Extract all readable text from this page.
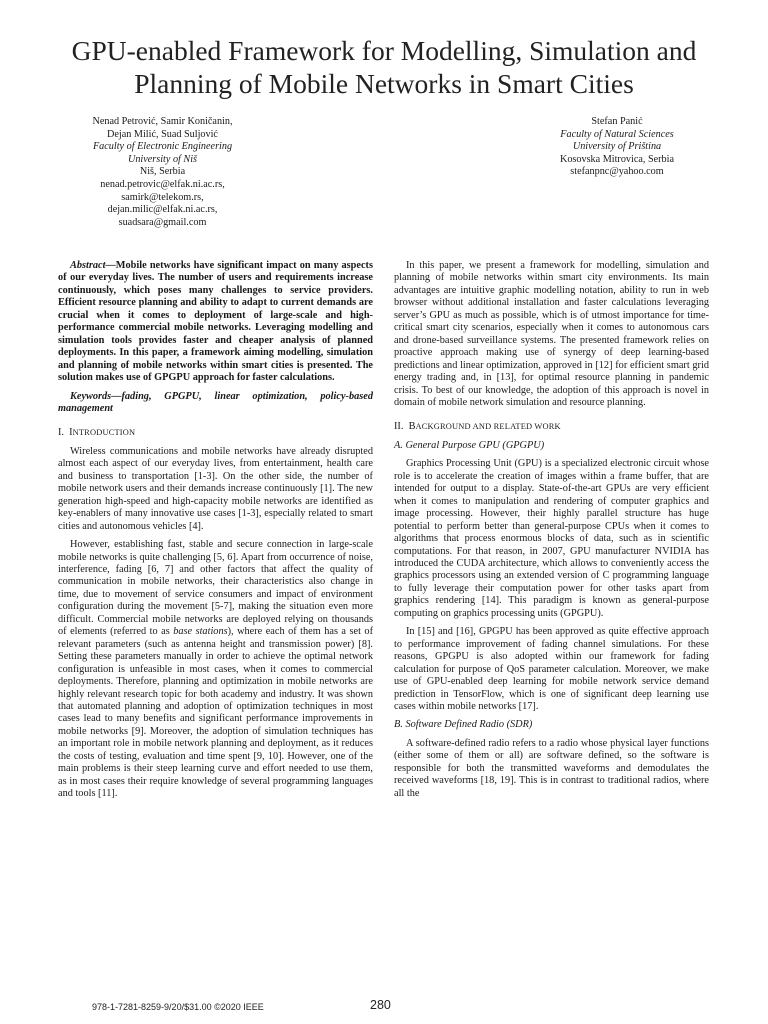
GPU-enabled Framework for Modelling, Simulation and Planning of Mobile Networks in Smart Cities
Nenad Petrović, Samir Koničanin,
Dejan Milić, Suad Suljović
Faculty of Electronic Engineering
University of Niš
Niš, Serbia
nenad.petrovic@elfak.ni.ac.rs,
samirk@telekom.rs,
dejan.milic@elfak.ni.ac.rs,
suadsara@gmail.com
Stefan Panić
Faculty of Natural Sciences
University of Priština
Kosovska Mitrovica, Serbia
stefanpnc@yahoo.com

Abstract—Mobile networks have significant impact on many aspects of our everyday lives. The number of users and requirements increase continuously, which poses many challenges to service providers. Efficient resource planning and ability to adapt to current demands are crucial when it comes to deployment of large-scale and high-performance commercial mobile networks. Leveraging modelling and simulation tools provides faster and cheaper analysis of planned deployments. In this paper, a framework aiming modelling, simulation and planning of mobile networks within smart cities is presented. The solution makes use of GPGPU approach for faster calculations.

Keywords—fading, GPGPU, linear optimization, policy-based management

I. INTRODUCTION

Wireless communications and mobile networks have already disrupted almost each aspect of our everyday lives, from entertainment, health care and business to transportation [1-3]. On the other side, the number of mobile network users and their demands increase continuously [1]. The new generation high-speed and high-capacity mobile networks are identified as key-enablers of many innovative use cases [1-3], especially related to smart cities and autonomous vehicles [4].

However, establishing fast, stable and secure connection in large-scale mobile networks is quite challenging [5, 6]. Apart from occurrence of noise, interference, fading [6, 7] and other factors that affect the quality of communication in mobile networks, their characteristics also change in time, due to movement of service consumers and impact of environment configuration during the movement [5-7], making the situation even more difficult. Commercial mobile networks are deployed relying on thousands of elements (referred to as base stations), where each of them has a set of relevant parameters (such as antenna height and transmission power) [8]. Setting these parameters manually in order to achieve the optimal network configuration is unfeasible in most cases, when it comes to commercial deployments. Therefore, planning and optimization in mobile networks are highly relevant research topic for both academy and industry. It was shown that automated planning and adoption of optimization techniques in most cases lead to many benefits and significant performance improvements in mobile networks [9]. Moreover, the adoption of simulation techniques has an important role in mobile network planning and deployment, as it reduces the costs of testing, evaluation and time spent [9, 10]. However, one of the main problems is their steep learning curve and effort needed to use them, as in most cases their require knowledge of several programming languages and tools [11].

In this paper, we present a framework for modelling, simulation and planning of mobile networks within smart city environments. Its main advantages are intuitive graphic modelling notation, ability to run in web browser without additional installation and faster calculations leveraging server’s GPU as much as possible, which is of utmost importance for time-critical smart city scenarios, especially when it comes to autonomous cars and drone-based surveillance systems. The presented framework relies on proactive approach making use of synergy of deep learning-based predictions and linear optimization, approved in [12] for efficient smart grid energy trading and, in [13], for optimal resource planning in pandemic crisis. To best of our knowledge, the adoption of this approach is novel in domain of mobile network simulation and resource planning.

II. BACKGROUND AND RELATED WORK

A. General Purpose GPU (GPGPU)

Graphics Processing Unit (GPU) is a specialized electronic circuit whose role is to accelerate the creation of images within a frame buffer, that are intended for output to a display. State-of-the-art GPUs are very efficient when it comes to manipulation and rendering of computer graphics and image processing. However, their highly parallel structure has huge potential to perform better than general-purpose CPUs when it comes to algorithms that process enormous blocks of data, such as in scientific computations. For that reason, in 2007, GPU manufacturer NVIDIA has introduced the CUDA architecture, which allows to conveniently access the graphics processors using an extended version of C programming language to fully leverage their computation power for other tasks apart from graphics rendering [14]. This paradigm is known as general-purpose computing on graphics processing units (GPGPU).

In [15] and [16], GPGPU has been approved as quite effective approach to performance improvement of fading channel simulations. For these reasons, GPGPU is also adopted within our framework for fading calculation for purpose of QoS parameter calculation. Moreover, we make use of GPU-enabled deep learning for mobile network service demand prediction in TensorFlow, which is one of significant deep learning use cases within mobile networks [17].

B. Software Defined Radio (SDR)

A software-defined radio refers to a radio whose physical layer functions (either some of them or all) are software defined, so the software is responsible for both the transmitted waveforms and demodulates the received waveforms [18, 19]. This is in contrast to traditional radios, where all the

978-1-7281-8259-9/20/$31.00 ©2020 IEEE	280
